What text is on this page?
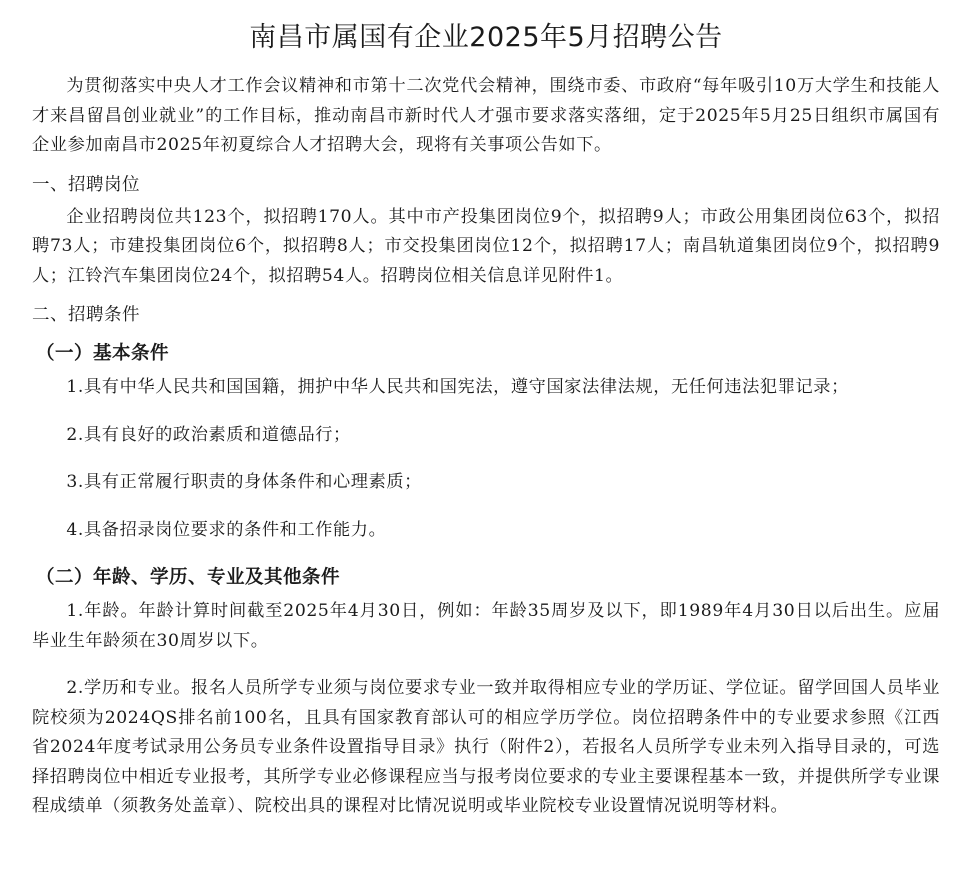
南昌市属国有企业2025年5月招聘公告

为贯彻落实中央人才工作会议精神和市第十二次党代会精神，围绕市委、市政府“每年吸引10万大学生和技能人才来昌留昌创业就业”的工作目标，推动南昌市新时代人才强市要求落实落细，定于2025年5月25日组织市属国有企业参加南昌市2025年初夏综合人才招聘大会，现将有关事项公告如下。

一、招聘岗位

企业招聘岗位共123个，拟招聘170人。其中市产投集团岗位9个，拟招聘9人；市政公用集团岗位63个，拟招聘73人；市建投集团岗位6个，拟招聘8人；市交投集团岗位12个，拟招聘17人；南昌轨道集团岗位9个，拟招聘9人；江铃汽车集团岗位24个，拟招聘54人。招聘岗位相关信息详见附件1。

二、招聘条件
（一）基本条件

1.具有中华人民共和国国籍，拥护中华人民共和国宪法，遵守国家法律法规，无任何违法犯罪记录；

2.具有良好的政治素质和道德品行；

3.具有正常履行职责的身体条件和心理素质；

4.具备招录岗位要求的条件和工作能力。

（二）年龄、学历、专业及其他条件

1.年龄。年龄计算时间截至2025年4月30日，例如：年龄35周岁及以下，即1989年4月30日以后出生。应届毕业生年龄须在30周岁以下。

2.学历和专业。报名人员所学专业须与岗位要求专业一致并取得相应专业的学历证、学位证。留学回国人员毕业院校须为2024QS排名前100名，且具有国家教育部认可的相应学历学位。岗位招聘条件中的专业要求参照《江西省2024年度考试录用公务员专业条件设置指导目录》执行（附件2），若报名人员所学专业未列入指导目录的，可选择招聘岗位中相近专业报考，其所学专业必修课程应当与报考岗位要求的专业主要课程基本一致，并提供所学专业课程成绩单（须教务处盖章）、院校出具的课程对比情况说明或毕业院校专业设置情况说明等材料。
